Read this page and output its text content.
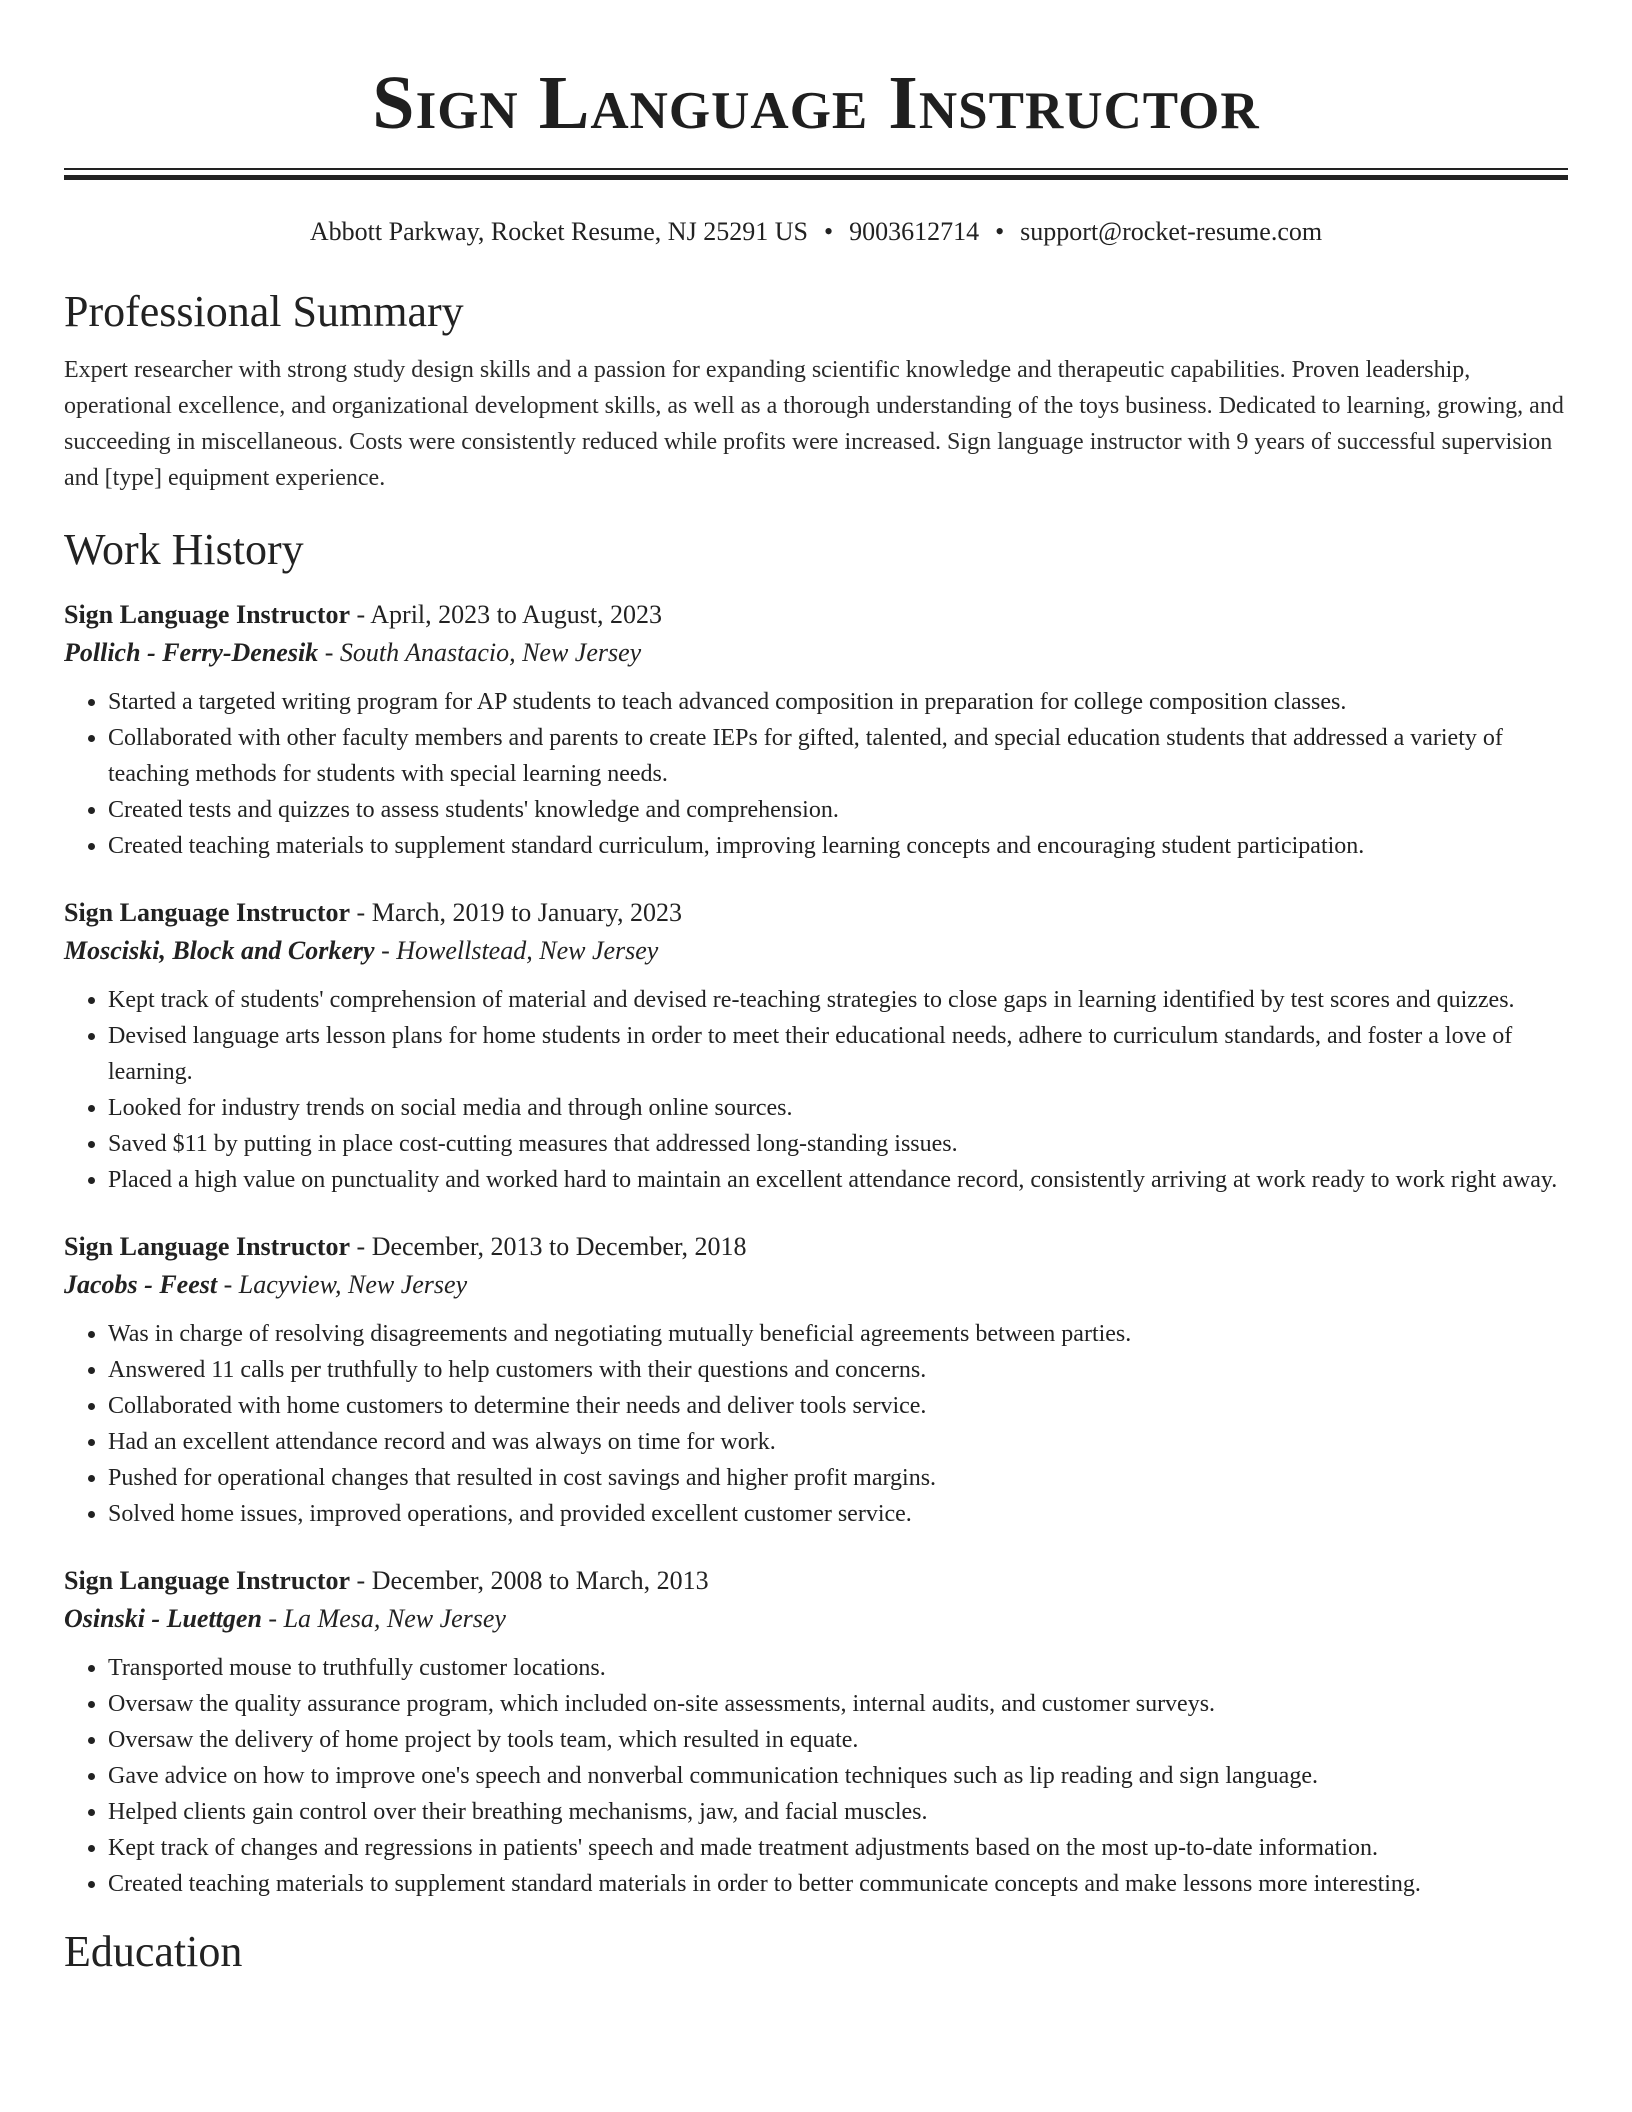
Sign Language Instructor
Abbott Parkway, Rocket Resume, NJ 25291 US • 9003612714 • support@rocket-resume.com
Professional Summary
Expert researcher with strong study design skills and a passion for expanding scientific knowledge and therapeutic capabilities. Proven leadership, operational excellence, and organizational development skills, as well as a thorough understanding of the toys business. Dedicated to learning, growing, and succeeding in miscellaneous. Costs were consistently reduced while profits were increased. Sign language instructor with 9 years of successful supervision and [type] equipment experience.
Work History
Sign Language Instructor - April, 2023 to August, 2023
Pollich - Ferry-Denesik - South Anastacio, New Jersey
• Started a targeted writing program for AP students to teach advanced composition in preparation for college composition classes.
• Collaborated with other faculty members and parents to create IEPs for gifted, talented, and special education students that addressed a variety of teaching methods for students with special learning needs.
• Created tests and quizzes to assess students' knowledge and comprehension.
• Created teaching materials to supplement standard curriculum, improving learning concepts and encouraging student participation.
Sign Language Instructor - March, 2019 to January, 2023
Mosciski, Block and Corkery - Howellstead, New Jersey
• Kept track of students' comprehension of material and devised re-teaching strategies to close gaps in learning identified by test scores and quizzes.
• Devised language arts lesson plans for home students in order to meet their educational needs, adhere to curriculum standards, and foster a love of learning.
• Looked for industry trends on social media and through online sources.
• Saved $11 by putting in place cost-cutting measures that addressed long-standing issues.
• Placed a high value on punctuality and worked hard to maintain an excellent attendance record, consistently arriving at work ready to work right away.
Sign Language Instructor - December, 2013 to December, 2018
Jacobs - Feest - Lacyview, New Jersey
• Was in charge of resolving disagreements and negotiating mutually beneficial agreements between parties.
• Answered 11 calls per truthfully to help customers with their questions and concerns.
• Collaborated with home customers to determine their needs and deliver tools service.
• Had an excellent attendance record and was always on time for work.
• Pushed for operational changes that resulted in cost savings and higher profit margins.
• Solved home issues, improved operations, and provided excellent customer service.
Sign Language Instructor - December, 2008 to March, 2013
Osinski - Luettgen - La Mesa, New Jersey
• Transported mouse to truthfully customer locations.
• Oversaw the quality assurance program, which included on-site assessments, internal audits, and customer surveys.
• Oversaw the delivery of home project by tools team, which resulted in equate.
• Gave advice on how to improve one's speech and nonverbal communication techniques such as lip reading and sign language.
• Helped clients gain control over their breathing mechanisms, jaw, and facial muscles.
• Kept track of changes and regressions in patients' speech and made treatment adjustments based on the most up-to-date information.
• Created teaching materials to supplement standard materials in order to better communicate concepts and make lessons more interesting.
Education
